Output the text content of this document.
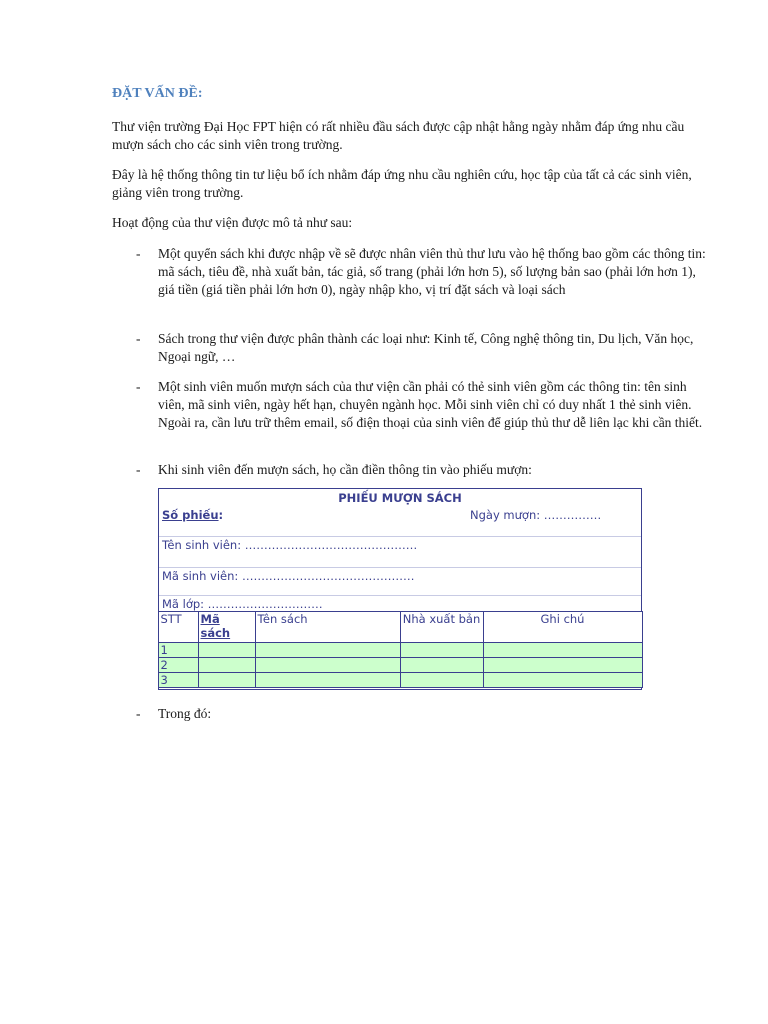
ĐẶT VẤN ĐỀ:

Thư viện trường Đại Học FPT hiện có rất nhiều đầu sách được cập nhật hằng ngày nhằm đáp ứng nhu cầu mượn sách cho các sinh viên trong trường.

Đây là hệ thống thông tin tư liệu bổ ích nhằm đáp ứng nhu cầu nghiên cứu, học tập của tất cả các sinh viên, giảng viên trong trường.

Hoạt động của thư viện được mô tả như sau:

- Một quyển sách khi được nhập về sẽ được nhân viên thủ thư lưu vào hệ thống bao gồm các thông tin: mã sách, tiêu đề, nhà xuất bản, tác giả, số trang (phải lớn hơn 5), số lượng bản sao (phải lớn hơn 1), giá tiền (giá tiền phải lớn hơn 0), ngày nhập kho, vị trí đặt sách và loại sách

- Sách trong thư viện được phân thành các loại như: Kinh tế, Công nghệ thông tin, Du lịch, Văn học, Ngoại ngữ, …

- Một sinh viên muốn mượn sách của thư viện cần phải có thẻ sinh viên gồm các thông tin: tên sinh viên, mã sinh viên, ngày hết hạn, chuyên ngành học. Mỗi sinh viên chỉ có duy nhất 1 thẻ sinh viên. Ngoài ra, cần lưu trữ thêm email, số điện thoại của sinh viên để giúp thủ thư dễ liên lạc khi cần thiết.

- Khi sinh viên đến mượn sách, họ cần điền thông tin vào phiếu mượn:

PHIẾU MƯỢN SÁCH
Số phiếu:	Ngày mượn: ……………
Tên sinh viên: ………………………………………
Mã sinh viên: ………………………………………
Mã lớp: …………………………
STT	Mã sách	Tên sách	Nhà xuất bản	Ghi chú
1				
2				
3				
- Trong đó:
